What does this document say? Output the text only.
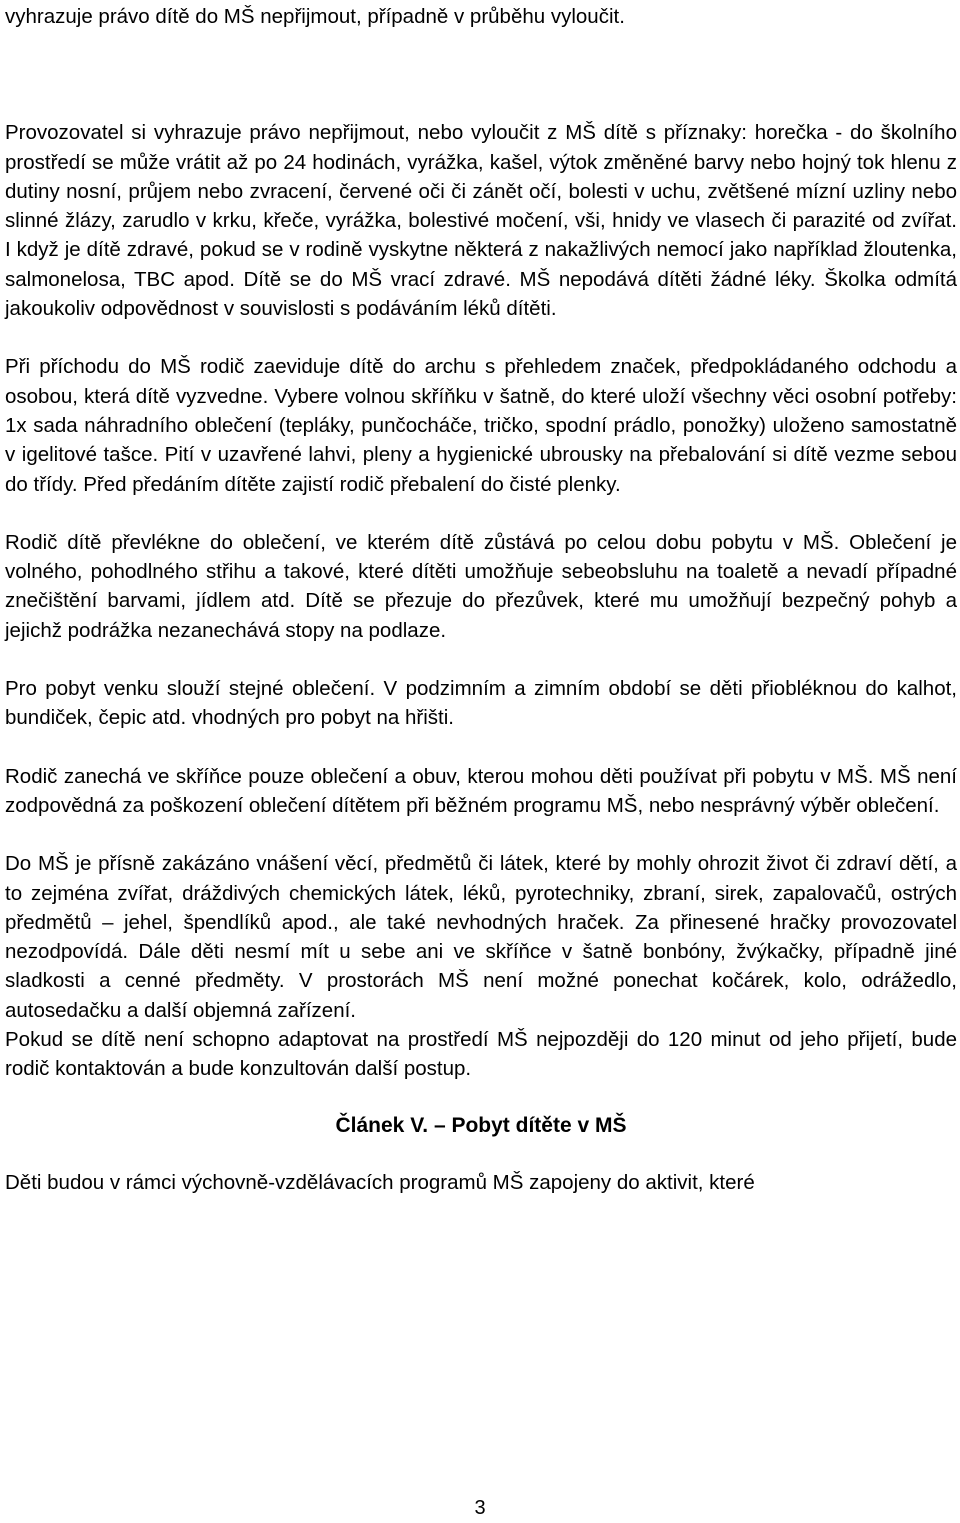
vyhrazuje právo dítě do MŠ nepřijmout, případně v průběhu vyloučit.

Provozovatel si vyhrazuje právo nepřijmout, nebo vyloučit z MŠ dítě s příznaky: horečka - do školního prostředí se může vrátit až po 24 hodinách, vyrážka, kašel, výtok změněné barvy nebo hojný tok hlenu z dutiny nosní, průjem nebo zvracení, červené oči či zánět očí, bolesti v uchu, zvětšené mízní uzliny nebo slinné žlázy, zarudlo v krku, křeče, vyrážka, bolestivé močení, vši, hnidy ve vlasech či parazité od zvířat. I když je dítě zdravé, pokud se v rodině vyskytne některá z nakažlivých nemocí jako například žloutenka, salmonelosa, TBC apod. Dítě se do MŠ vrací zdravé. MŠ nepodává dítěti žádné léky. Školka odmítá jakoukoliv odpovědnost v souvislosti s podáváním léků dítěti.

Při příchodu do MŠ rodič zaeviduje dítě do archu s přehledem značek, předpokládaného odchodu a osobou, která dítě vyzvedne. Vybere volnou skříňku v šatně, do které uloží všechny věci osobní potřeby: 1x sada náhradního oblečení (tepláky, punčocháče, tričko, spodní prádlo, ponožky) uloženo samostatně v igelitové tašce. Pití v uzavřené lahvi, pleny a hygienické ubrousky na přebalování si dítě vezme sebou do třídy. Před předáním dítěte zajistí rodič přebalení do čisté plenky.

Rodič dítě převlékne do oblečení, ve kterém dítě zůstává po celou dobu pobytu v MŠ. Oblečení je volného, pohodlného střihu a takové, které dítěti umožňuje sebeobsluhu na toaletě a nevadí případné znečištění barvami, jídlem atd. Dítě se přezuje do přezůvek, které mu umožňují bezpečný pohyb a jejichž podrážka nezanechává stopy na podlaze.

Pro pobyt venku slouží stejné oblečení. V podzimním a zimním období se děti přiobléknou do kalhot, bundiček, čepic atd. vhodných pro pobyt na hřišti.

Rodič zanechá ve skříňce pouze oblečení a obuv, kterou mohou děti používat při pobytu v MŠ. MŠ není zodpovědná za poškození oblečení dítětem při běžném programu MŠ, nebo nesprávný výběr oblečení.

Do MŠ je přísně zakázáno vnášení věcí, předmětů či látek, které by mohly ohrozit život či zdraví dětí, a to zejména zvířat, dráždivých chemických látek, léků, pyrotechniky, zbraní, sirek, zapalovačů, ostrých předmětů – jehel, špendlíků apod., ale také nevhodných hraček. Za přinesené hračky provozovatel nezodpovídá. Dále děti nesmí mít u sebe ani ve skříňce v šatně bonbóny, žvýkačky, případně jiné sladkosti a cenné předměty. V prostorách MŠ není možné ponechat kočárek, kolo, odrážedlo, autosedačku a další objemná zařízení.

Pokud se dítě není schopno adaptovat na prostředí MŠ nejpozději do 120 minut od jeho přijetí, bude rodič kontaktován a bude konzultován další postup.

Článek V. – Pobyt dítěte v MŠ

Děti budou v rámci výchovně-vzdělávacích programů MŠ zapojeny do aktivit, které

3
